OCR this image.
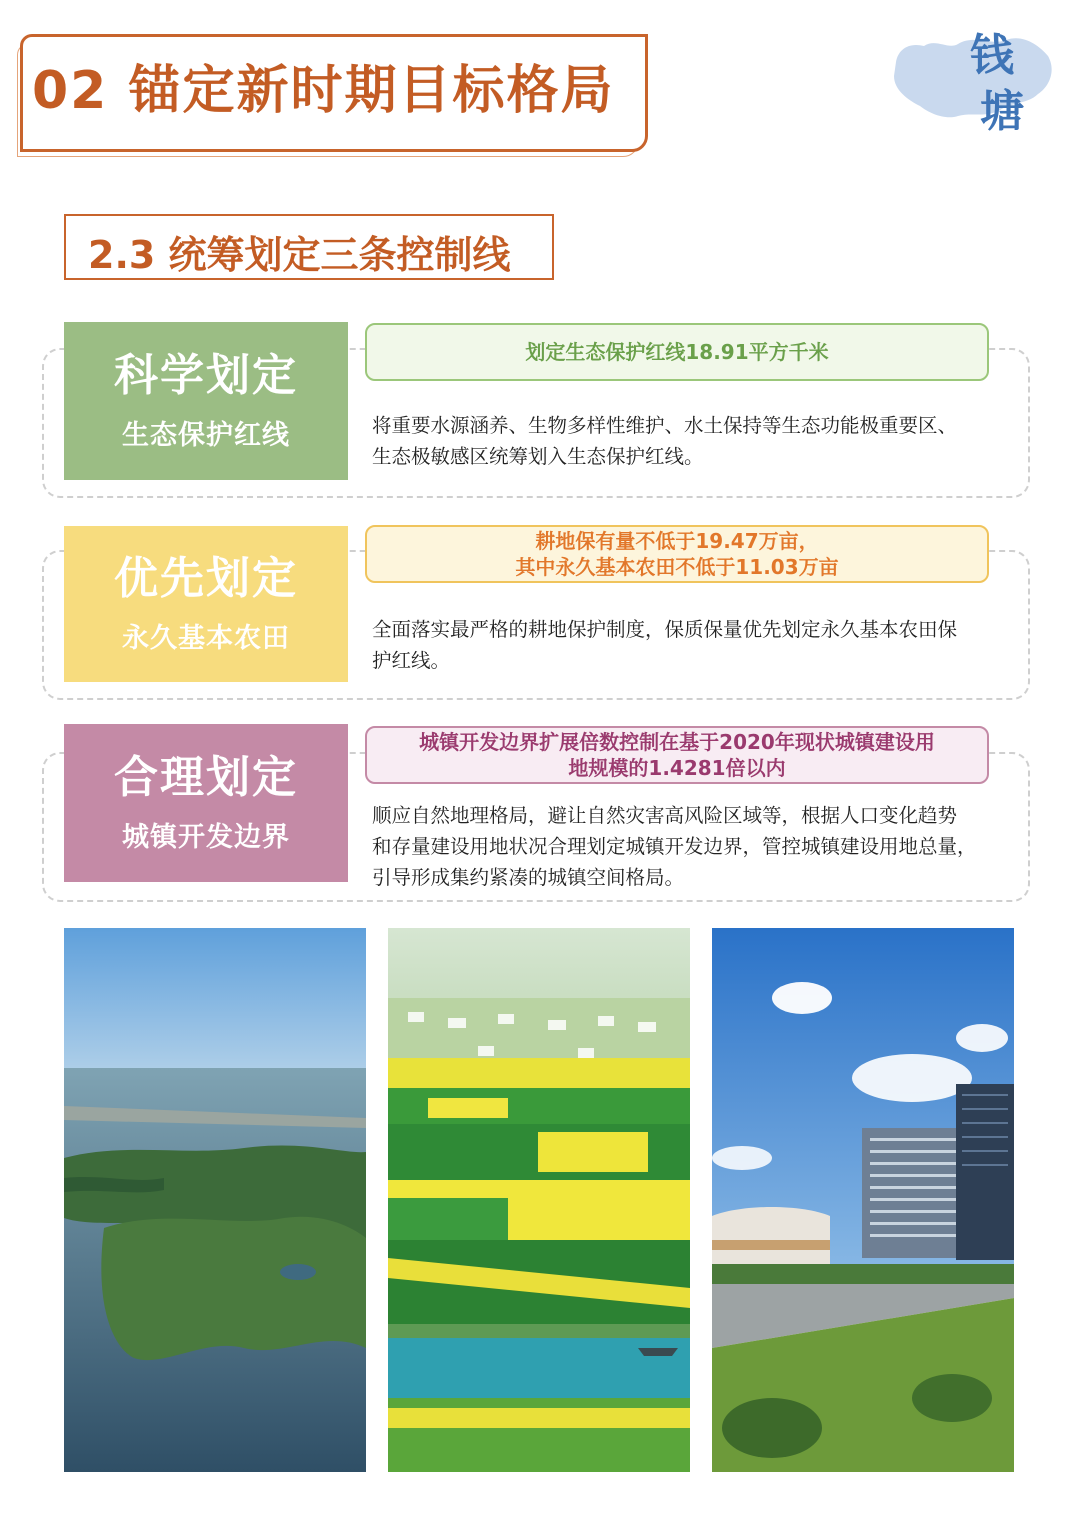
02 锚定新时期目标格局
钱
塘
2.3 统筹划定三条控制线
科学划定
生态保护红线
划定生态保护红线18.91平方千米
将重要水源涵养、生物多样性维护、水土保持等生态功能极重要区、
生态极敏感区统筹划入生态保护红线。
优先划定
永久基本农田
耕地保有量不低于19.47万亩，
其中永久基本农田不低于11.03万亩
全面落实最严格的耕地保护制度，保质保量优先划定永久基本农田保
护红线。
合理划定
城镇开发边界
城镇开发边界扩展倍数控制在基于2020年现状城镇建设用
地规模的1.4281倍以内
顺应自然地理格局，避让自然灾害高风险区域等，根据人口变化趋势
和存量建设用地状况合理划定城镇开发边界，管控城镇建设用地总量，
引导形成集约紧凑的城镇空间格局。
